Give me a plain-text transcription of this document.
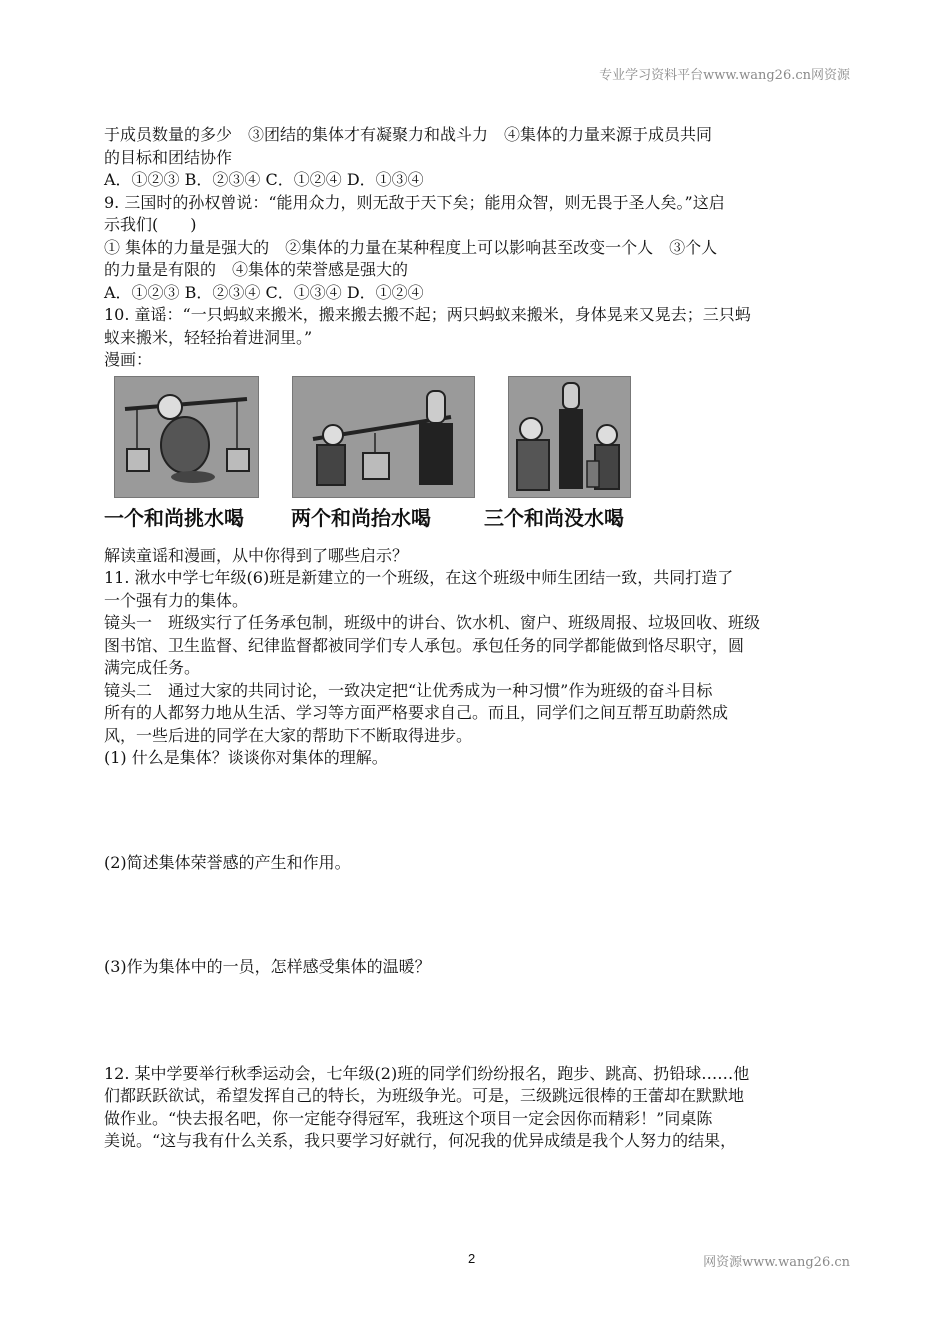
专业学习资料平台www.wang26.cn网资源

于成员数量的多少　③团结的集体才有凝聚力和战斗力　④集体的力量来源于成员共同

的目标和团结协作

A．①②③ B．②③④ C．①②④ D．①③④

9. 三国时的孙权曾说：“能用众力，则无敌于天下矣；能用众智，则无畏于圣人矣。”这启

示我们(　　)

① 集体的力量是强大的　②集体的力量在某种程度上可以影响甚至改变一个人　③个人

的力量是有限的　④集体的荣誉感是强大的

A．①②③ B．②③④ C．①③④ D．①②④

10. 童谣：“一只蚂蚁来搬米，搬来搬去搬不起；两只蚂蚁来搬米，身体晃来又晃去；三只蚂

蚁来搬米，轻轻抬着进洞里。”

漫画：

一个和尚挑水喝 两个和尚抬水喝	三个和尚没水喝

解读童谣和漫画，从中你得到了哪些启示？

11. 湫水中学七年级(6)班是新建立的一个班级，在这个班级中师生团结一致，共同打造了

一个强有力的集体。

镜头一　班级实行了任务承包制，班级中的讲台、饮水机、窗户、班级周报、垃圾回收、班级

图书馆、卫生监督、纪律监督都被同学们专人承包。承包任务的同学都能做到恪尽职守，圆

满完成任务。

镜头二　通过大家的共同讨论，一致决定把“让优秀成为一种习惯”作为班级的奋斗目标

所有的人都努力地从生活、学习等方面严格要求自己。而且，同学们之间互帮互助蔚然成

风，一些后进的同学在大家的帮助下不断取得进步。

(1) 什么是集体？谈谈你对集体的理解。

(2)简述集体荣誉感的产生和作用。

(3)作为集体中的一员，怎样感受集体的温暖？

12. 某中学要举行秋季运动会，七年级(2)班的同学们纷纷报名，跑步、跳高、扔铅球……他

们都跃跃欲试，希望发挥自己的特长，为班级争光。可是，三级跳远很棒的王蕾却在默默地

做作业。“快去报名吧，你一定能夺得冠军，我班这个项目一定会因你而精彩！”同桌陈

美说。“这与我有什么关系，我只要学习好就行，何况我的优异成绩是我个人努力的结果，

2	网资源www.wang26.cn
